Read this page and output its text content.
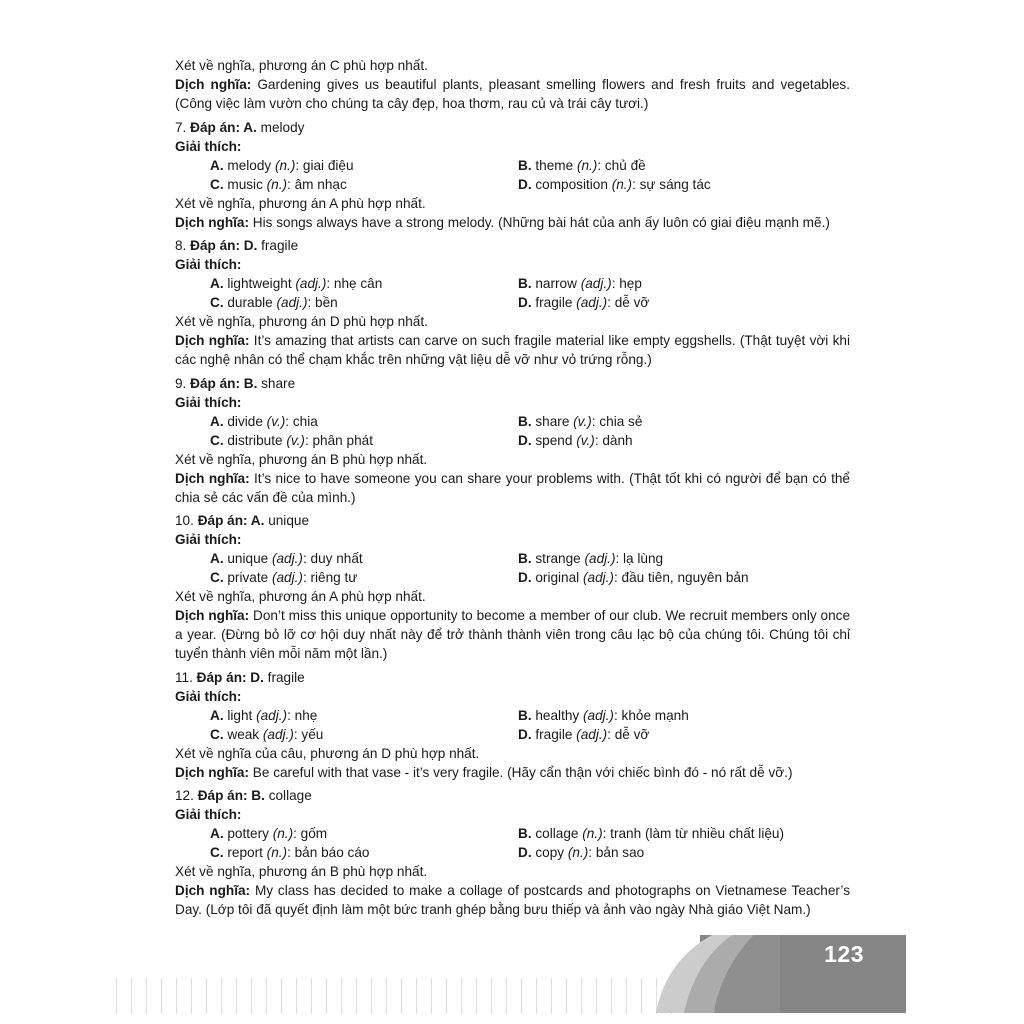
Xét về nghĩa, phương án C phù hợp nhất.

Dịch nghĩa: Gardening gives us beautiful plants, pleasant smelling flowers and fresh fruits and vegetables. (Công việc làm vườn cho chúng ta cây đẹp, hoa thơm, rau củ và trái cây tươi.)

7. Đáp án: A. melody

Giải thích:

A. melody (n.): giai điệu	B. theme (n.): chủ đề
C. music (n.): âm nhạc	D. composition (n.): sự sáng tác

Xét về nghĩa, phương án A phù hợp nhất.

Dịch nghĩa: His songs always have a strong melody. (Những bài hát của anh ấy luôn có giai điệu mạnh mẽ.)

8. Đáp án: D. fragile

Giải thích:

A. lightweight (adj.): nhẹ cân	B. narrow (adj.): hẹp
C. durable (adj.): bền	D. fragile (adj.): dễ vỡ

Xét về nghĩa, phương án D phù hợp nhất.

Dịch nghĩa: It’s amazing that artists can carve on such fragile material like empty eggshells. (Thật tuyệt vời khi các nghệ nhân có thể chạm khắc trên những vật liệu dễ vỡ như vỏ trứng rỗng.)

9. Đáp án: B. share

Giải thích:

A. divide (v.): chia	B. share (v.): chia sẻ
C. distribute (v.): phân phát	D. spend (v.): dành

Xét về nghĩa, phương án B phù hợp nhất.

Dịch nghĩa: It’s nice to have someone you can share your problems with. (Thật tốt khi có người để bạn có thể chia sẻ các vấn đề của mình.)

10. Đáp án: A. unique

Giải thích:

A. unique (adj.): duy nhất	B. strange (adj.): lạ lùng
C. private (adj.): riêng tư	D. original (adj.): đầu tiên, nguyên bản

Xét về nghĩa, phương án A phù hợp nhất.

Dịch nghĩa: Don’t miss this unique opportunity to become a member of our club. We recruit members only once a year. (Đừng bỏ lỡ cơ hội duy nhất này để trở thành thành viên trong câu lạc bộ của chúng tôi. Chúng tôi chỉ tuyển thành viên mỗi năm một lần.)

11. Đáp án: D. fragile

Giải thích:

A. light (adj.): nhẹ	B. healthy (adj.): khỏe mạnh
C. weak (adj.): yếu	D. fragile (adj.): dễ vỡ

Xét về nghĩa của câu, phương án D phù hợp nhất.

Dịch nghĩa: Be careful with that vase - it’s very fragile. (Hãy cẩn thận với chiếc bình đó - nó rất dễ vỡ.)

12. Đáp án: B. collage

Giải thích:

A. pottery (n.): gốm	B. collage (n.): tranh (làm từ nhiều chất liệu)
C. report (n.): bản báo cáo	D. copy (n.): bản sao

Xét về nghĩa, phương án B phù hợp nhất.

Dịch nghĩa: My class has decided to make a collage of postcards and photographs on Vietnamese Teacher’s Day. (Lớp tôi đã quyết định làm một bức tranh ghép bằng bưu thiếp và ảnh vào ngày Nhà giáo Việt Nam.)

123
